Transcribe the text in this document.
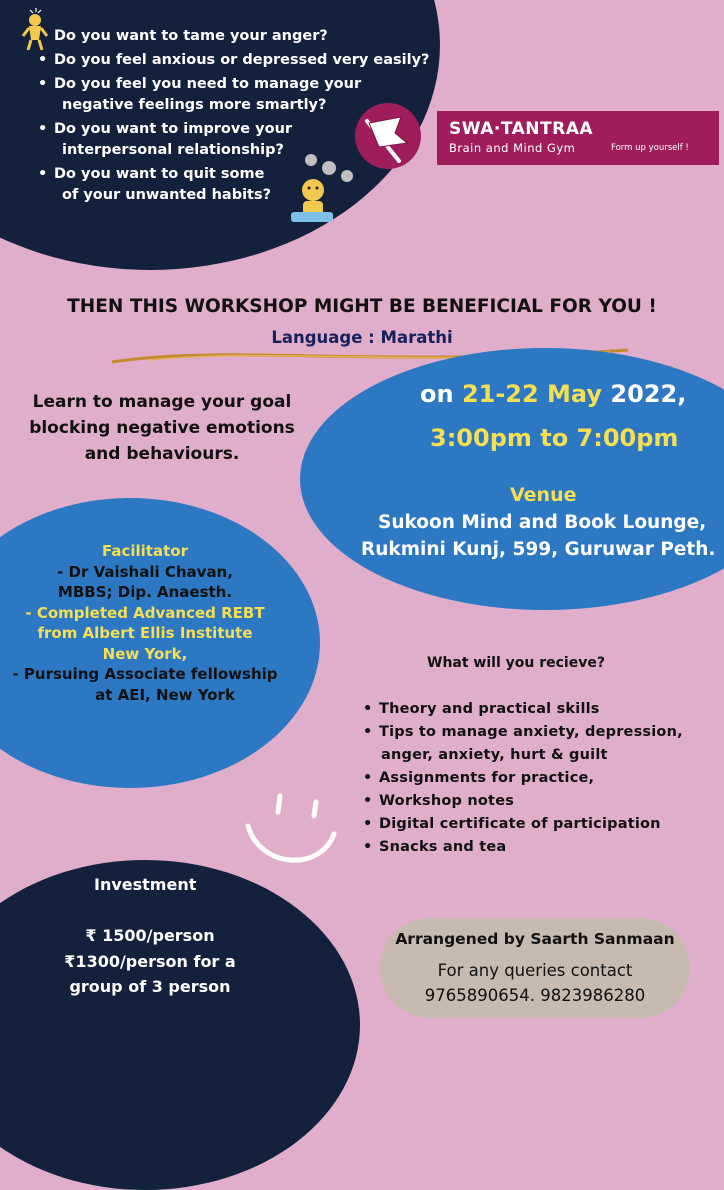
Do you want to tame your anger?
• Do you feel anxious or depressed very easily?
• Do you feel you need to manage your
negative feelings more smartly?
• Do you want to improve your
interpersonal relationship?
• Do you want to quit some
of your unwanted habits?
SWA·TANTRAA
Brain and Mind Gym	Form up yourself !
THEN THIS WORKSHOP MIGHT BE BENEFICIAL FOR YOU !
Language : Marathi
Learn to manage your goal
blocking negative emotions
and behaviours.
on 21-22 May 2022,
3:00pm to 7:00pm
Venue
Sukoon Mind and Book Lounge,
Rukmini Kunj, 599, Guruwar Peth.
Facilitator
- Dr Vaishali Chavan,
MBBS; Dip. Anaesth.
- Completed Advanced REBT
from Albert Ellis Institute
New York,
- Pursuing Associate fellowship
at AEI, New York
What will you recieve?
• Theory and practical skills
• Tips to manage anxiety, depression,
anger, anxiety, hurt & guilt
• Assignments for practice,
• Workshop notes
• Digital certificate of participation
• Snacks and tea
Investment
₹ 1500/person
₹1300/person for a
group of 3 person
Arrangened by Saarth Sanmaan
For any queries contact
9765890654. 9823986280
